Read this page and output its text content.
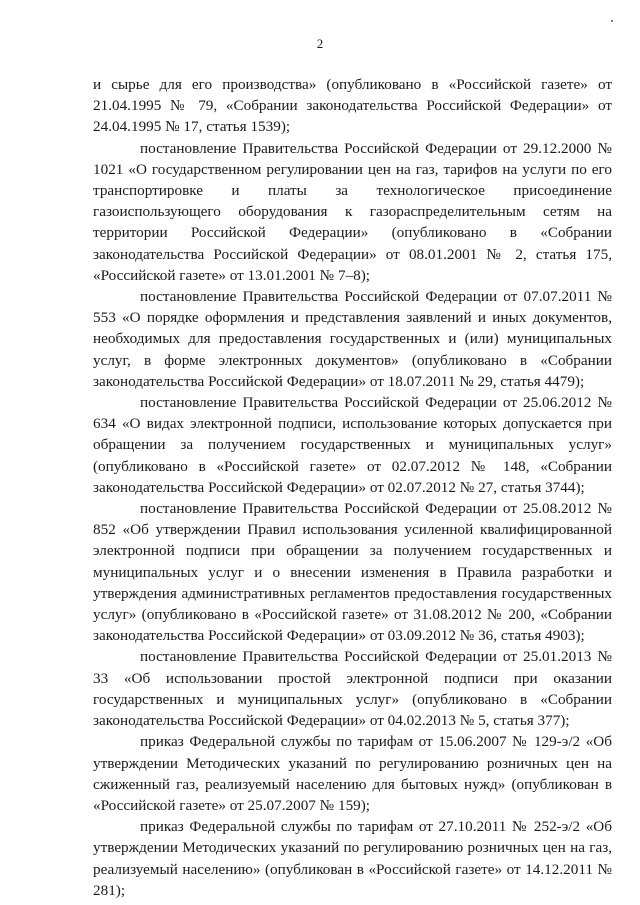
2

и сырье для его производства» (опубликовано в «Российской газете» от 21.04.1995 № 79, «Собрании законодательства Российской Федерации» от 24.04.1995 № 17, статья 1539);

постановление Правительства Российской Федерации от 29.12.2000 № 1021 «О государственном регулировании цен на газ, тарифов на услуги по его транспортировке и платы за технологическое присоединение газоиспользующего оборудования к газораспределительным сетям на территории Российской Федерации» (опубликовано в «Собрании законодательства Российской Федерации» от 08.01.2001 № 2, статья 175, «Российской газете» от 13.01.2001 № 7–8);

постановление Правительства Российской Федерации от 07.07.2011 № 553 «О порядке оформления и представления заявлений и иных документов, необходимых для предоставления государственных и (или) муниципальных услуг, в форме электронных документов» (опубликовано в «Собрании законодательства Российской Федерации» от 18.07.2011 № 29, статья 4479);

постановление Правительства Российской Федерации от 25.06.2012 № 634 «О видах электронной подписи, использование которых допускается при обращении за получением государственных и муниципальных услуг» (опубликовано в «Российской газете» от 02.07.2012 № 148, «Собрании законодательства Российской Федерации» от 02.07.2012 № 27, статья 3744);

постановление Правительства Российской Федерации от 25.08.2012 № 852 «Об утверждении Правил использования усиленной квалифицированной электронной подписи при обращении за получением государственных и муниципальных услуг и о внесении изменения в Правила разработки и утверждения административных регламентов предоставления государственных услуг» (опубликовано в «Российской газете» от 31.08.2012 № 200, «Собрании законодательства Российской Федерации» от 03.09.2012 № 36, статья 4903);

постановление Правительства Российской Федерации от 25.01.2013 № 33 «Об использовании простой электронной подписи при оказании государственных и муниципальных услуг» (опубликовано в «Собрании законодательства Российской Федерации» от 04.02.2013 № 5, статья 377);

приказ Федеральной службы по тарифам от 15.06.2007 № 129-э/2 «Об утверждении Методических указаний по регулированию розничных цен на сжиженный газ, реализуемый населению для бытовых нужд» (опубликован в «Российской газете» от 25.07.2007 № 159);

приказ Федеральной службы по тарифам от 27.10.2011 № 252-э/2 «Об утверждении Методических указаний по регулированию розничных цен на газ, реализуемый населению» (опубликован в «Российской газете» от 14.12.2011 № 281);
